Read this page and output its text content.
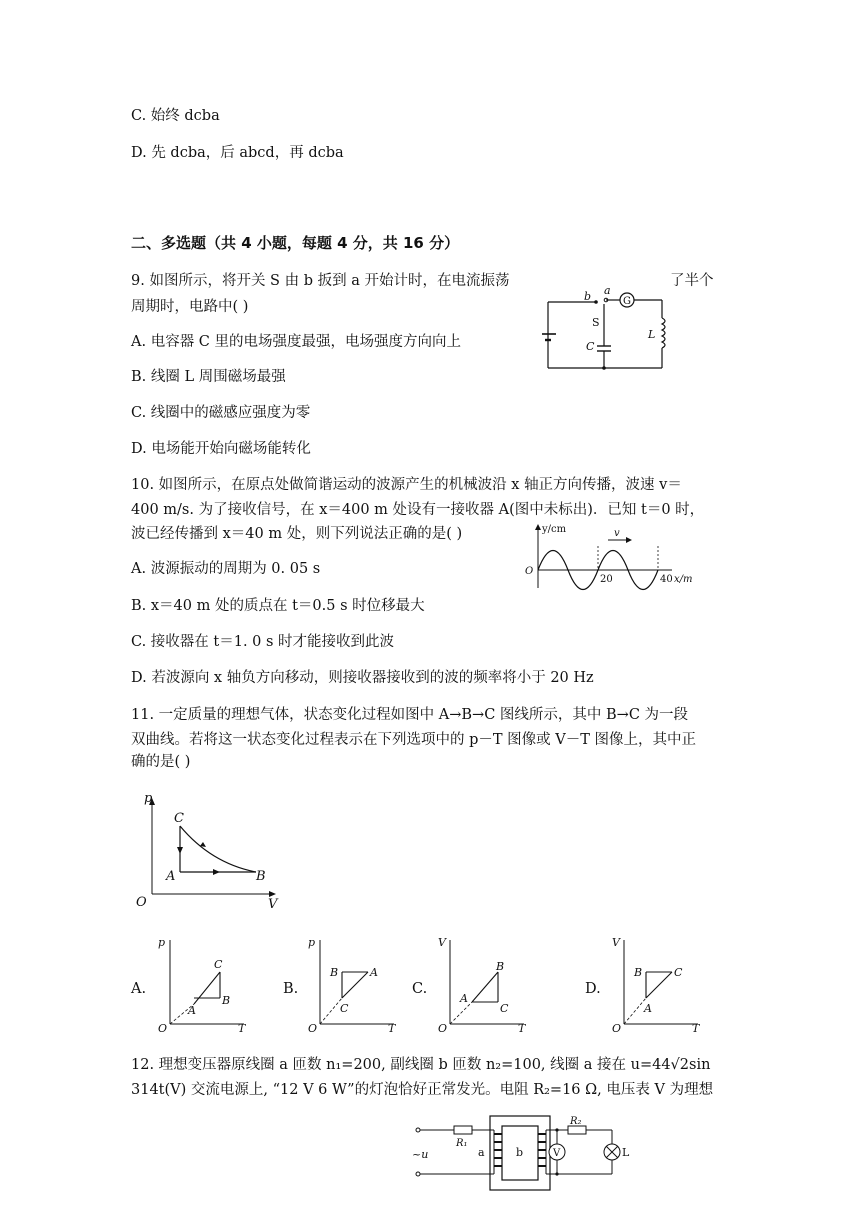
C. 始终 dcba
D. 先 dcba，后 abcd，再 dcba
二、多选题（共 4 小题，每题 4 分，共 16 分）
9. 如图所示，将开关 S 由 b 扳到 a 开始计时，在电流振荡	了半个
周期时，电路中( )
A. 电容器 C 里的电场强度最强，电场强度方向向上
B. 线圈 L 周围磁场最强
C. 线圈中的磁感应强度为零
D. 电场能开始向磁场能转化
G
b a
S
C
L
10. 如图所示，在原点处做简谐运动的波源产生的机械波沿 x 轴正方向传播，波速 v＝
400 m/s. 为了接收信号，在 x＝400 m 处设有一接收器 A(图中未标出)．已知 t＝0 时，
波已经传播到 x＝40 m 处，则下列说法正确的是( )
A. 波源振动的周期为 0. 05 s
B. x＝40 m 处的质点在 t＝0.5 s 时位移最大
C. 接收器在 t＝1. 0 s 时才能接收到此波
D. 若波源向 x 轴负方向移动，则接收器接收到的波的频率将小于 20 Hz
y/cm	v
O
20	40 x/m
11. 一定质量的理想气体，状态变化过程如图中 A→B→C 图线所示，其中 B→C 为一段
双曲线。若将这一状态变化过程表示在下列选项中的 p－T 图像或 V－T 图像上，其中正
确的是( )
p
V
O
C
A	B
A.
p
T
O
C
A
B
B.
p
T
O
B	A
C
C.
V
T
O
B
A
C
D.
V
T
O
B	C
A
12. 理想变压器原线圈 a 匝数 n₁=200, 副线圈 b 匝数 n₂=100, 线圈 a 接在 u=44√2sin
314t(V) 交流电源上, “12 V 6 W”的灯泡恰好正常发光。电阻 R₂=16 Ω, 电压表 V 为理想
~u
R₁
a	b	V
R₂
L
